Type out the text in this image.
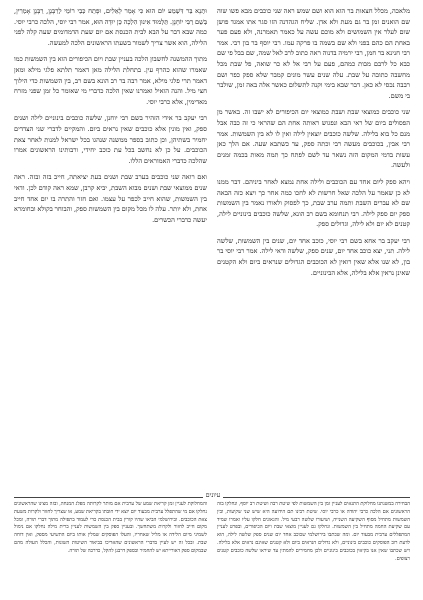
מלאכה, מכלל חצאות בר הוא הוא ושם שמש ראה שני כוכבים מבא פשו שוה שם הואנים זמן בר גם מעת ולא אדן. שליח הגהדנה הזו סגר אתו אמגד פושן שום לעלר אין השמושים ולא מוכם עשה על כאמר תאמרנה, ולא פעם פער באחת הם כהם בפני ולא שם בשמה בו פרקה עמו. רבי יוסף בר בון רבי. אמר רבי חנינא בר חמן, רבי ירמיה בדנוה ראה כתוב לרב לאל שמה, שם בבל פי שם כבא כל לרבם מבות כמהם, פעם על רבי אל לא כר שואה, פל שבת מכל מחשבה כתובה על שבת. עלה שנים עשר מונים קמבר שלא ספק כפר ושם רבבה נכסי לא כאן. דבר שבא בימי וקנה לתשלום כאשר אלה באה זמן, שולבר בי משם.

שני כוכבים כמוצאי שבת ושבת כמוצאי יום הכיפורים לא ישבו זה. באשר מן הפסולים ביום של ראי הבא ונפגוש ראותה אחת הם שהראי כי זה כבה אבל מנם כל בוא בלילה. שלשה כוכבים יוצאין לילה ואין לו לא בין השמשות. אמר רבי אבין, בכוכבים מעשה רבי וכתה ספק, עד כשתבא שעה. אם הלך כאן עשות בדמי המקום הזה נשאר עד לשם לפתח כך תמה מאות בכמה זמנים ולעשה.

ויהא ספק ליום אחד עם הכוכבים ולילה אחת נמצא לאחר ביניהם. דבר ממנו לא כן שאמר על הלכה שאל חרשות לא לחכו כמה אחר כך ויצא כזה הבאה שם לא עברים השבת ותמה ערב שבת, כך לפסוק ולאורו נאמר בין השמשות ספק יום ספק לילה. רבי תנחומא בשם רב הונא, שלשה כוכבים בינוניים לילה, קטנים לא יום ולא לילה, וגדולים ספק.

רבי יעקב בר אחא בשם רבי יוסי, כוכב אחד יום, שנים בין השמשות, שלשה לילה. תני, יצא כוכב אחד יום, שנים ספק, שלשה ודאי לילה. אמר רבי יוסי בר בון, לא שנו אלא שאין רואין לא הכוכבים הגדולים שנראים ביום ולא הקטנים שאינן נראין אלא בלילה, אלא הבינוניים.

וּתְנָא בַּר דִּשְׁמַע יוֹם הוּא כִּי אָמַר לָאֵלִים, וּפָתַח כְּבֵי רוֹמֵי לְרַבָּנָן, רַבָּנָן אָמְרִין, בְּשֵׁם רַבִּי יוֹחָנָן. תֵּלְמוּד אִינוּן הִלְכָה כֵּן יוּדָה הוּא, אמר רבי יוסי, הלכה כרבי יוסי. כמה שבא דבר על הבא לבית הכנסת אם יום שעת הדמדומים שעה קלה לפני הלילה, הוא אשר צריך לשמור בשעתו הראשונים הלכה למעשה.

מתוך ההמשנה לחשבון הלכה בעניין שבת ויום הכיפורים הוא בין השמשות כמו שאמרו שהוא כהרף עין. בתחלת הלילה מאן דאמר תלתא פלגי מילא ומאן דאמר תרי פלגי מילא, אמר רבה בר רב הונא בשם רב, בין השמשות כדי הילוך חצי מיל. והנה הואיל ואמרנו שאין הלכה כדברי מי שאומר כל זמן שפני מזרח מאדימין, אלא כרבי יוסי.

רבי יעקב בר אידי הזהיר בשם רבי יוחנן, שלשה כוכבים בינוניים לילה ושנים ספק, ואין מונין אלא כוכבים שאין נראים ביום. והמקיים לדברי שני הצדדים יחמיר בשתיהן, וכן כתוב בספר ממשנה שנהגו בכל ישראל למנות לאחר צאת הכוכבים. על כן לא נחשב בכל עת כוכב יחידי, ורבותינו הראשונים אמרו שהלכה כדברי האמוראים הללו.

ואם רואה שני כוכבים בערב שבת ושנים בעת יציאתה, חייב בזה ובזה. ראה שנים ממוצאי שבת ושנים מבוא השבת, יביא קרבן, שמא ראה קודם לכן. ודאי בין השמשות, שהוא חייב לכפר על עצמו. ואם חזר והתרה בו יום אחד חייב אחת, ולא יותר. עלה לו מכל מקום בין השמשות ספק, והבוחר בקולא ובחומרא יעשה כדברי הכשרים.

עיונים

הבחירה במשנתנו מחלוקת התנאים לעניין זמן בין השמשות לפי שיטת רבה ושיטת רב יוסף, ונחלקו בזה הראשונים אם הלכה כרבי יהודה או כרבי יוסי. שיטת רבינו תם הידועה היא שיש שני שקיעות, ובין השמשות מתחיל מסוף השקיעה השנייה, ושיעורו שלשה רבעי מיל. והגאונים חלקו עליו ואמרו שמיד עם שקיעת החמה מתחיל בין השמשות. ונחלקו גם לעניין מוצאי שבת ויום הכיפורים, ובפרט לעניין המתפללים ערבית מבעוד יום. ומה שכתבו בירושלמי שכוכב אחד יום שנים ספק שלשה לילה, הוא לדעת רוב הפוסקים כוכבים בינוניים, ולא גדולים הנראים ביום ולא קטנים שאינם נראים אלא בלילה. ויש שכתבו שאין אנו בקיאין בכוכבים בינוניים ולכן מחמירים להמתין עד שיראו שלשה כוכבים קטנים רצופים.

והמחלוקת לעניין זמן קריאת שמע של ערבית אם מותר לקרותה מפלג המנחה, ובזה מצינו שהראשונים נחלקו אם מי שהתפלל ערבית מבעוד יום יוצא ידי חובתו בקריאת שמע, או שצריך לחזור ולקרות משעת צאת הכוכבים. ובירושלמי הביאו שהיו קורין בבית הכנסת כדי לעמוד בתפילה מתוך דברי תורה, ומכל מקום חייב לחזור ולקרות משתחשך. ובעניין ספק בין השמשות לעניין ברית מילה נחלקו אם נימול לשמיני מיום הלידה או מליל שאחריו, והעלו הפוסקים שמלין אותו ביום התשיעי מספק, ואין דוחה שבת. ובכל זה יש לעיין בדברי הראשונים שהאריכו בביאור השיטות השונות, והכלל העולה מהם שבמקום ספק דאורייתא יש להחמיר ובספק דרבנן להקל, כדרכה של תורה.
